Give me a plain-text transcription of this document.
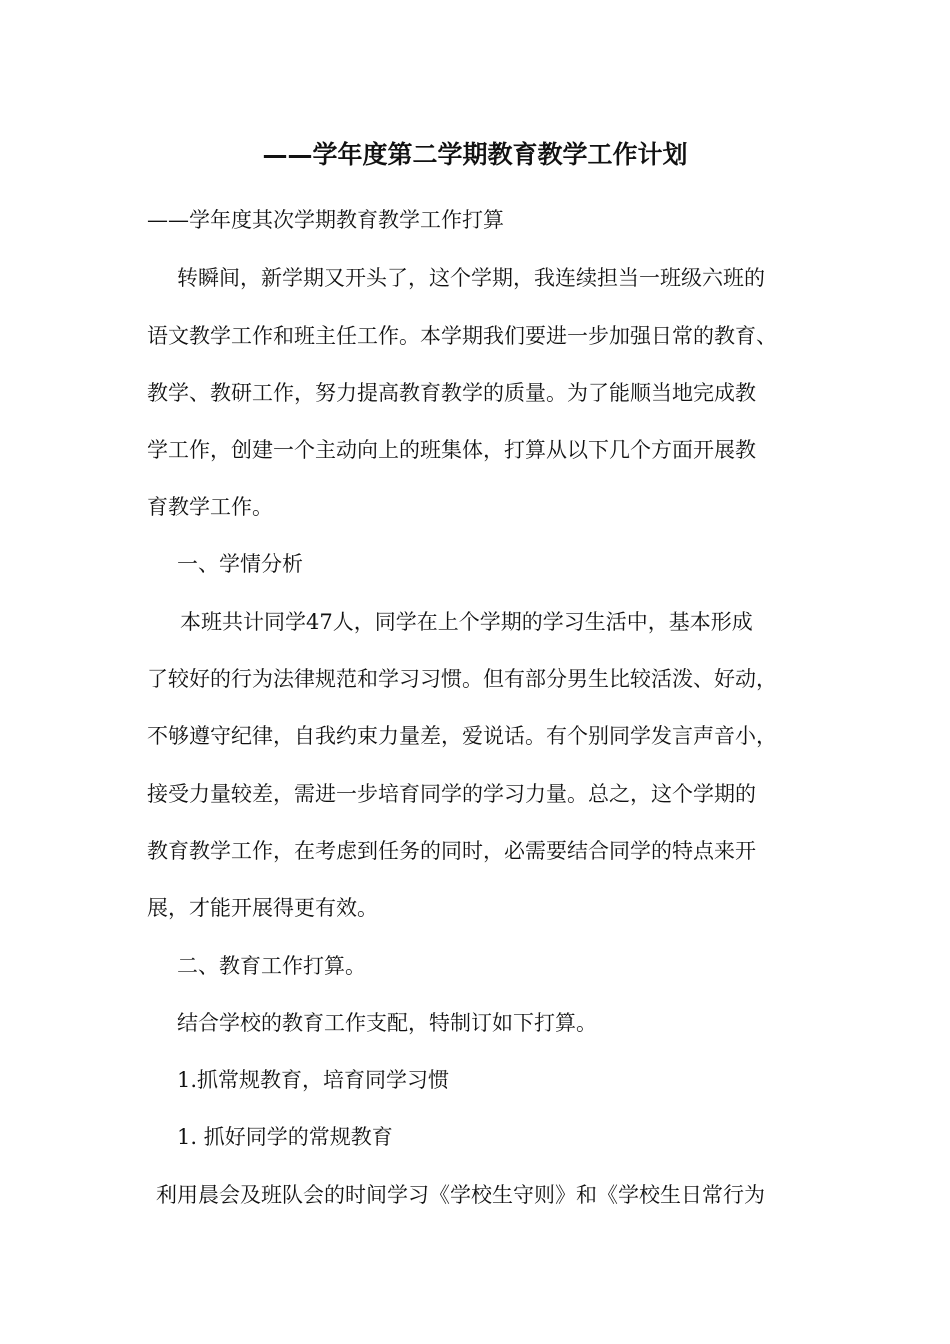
——学年度第二学期教育教学工作计划
——学年度其次学期教育教学工作打算
转瞬间，新学期又开头了，这个学期，我连续担当一班级六班的
语文教学工作和班主任工作。本学期我们要进一步加强日常的教育、
教学、教研工作，努力提高教育教学的质量。为了能顺当地完成教
学工作，创建一个主动向上的班集体，打算从以下几个方面开展教
育教学工作。
一、学情分析
本班共计同学47人，同学在上个学期的学习生活中，基本形成
了较好的行为法律规范和学习习惯。但有部分男生比较活泼、好动，
不够遵守纪律，自我约束力量差，爱说话。有个别同学发言声音小，
接受力量较差，需进一步培育同学的学习力量。总之，这个学期的
教育教学工作，在考虑到任务的同时，必需要结合同学的特点来开
展，才能开展得更有效。
二、教育工作打算。
结合学校的教育工作支配，特制订如下打算。
1.抓常规教育，培育同学习惯
1. 抓好同学的常规教育
利用晨会及班队会的时间学习《学校生守则》和《学校生日常行为
